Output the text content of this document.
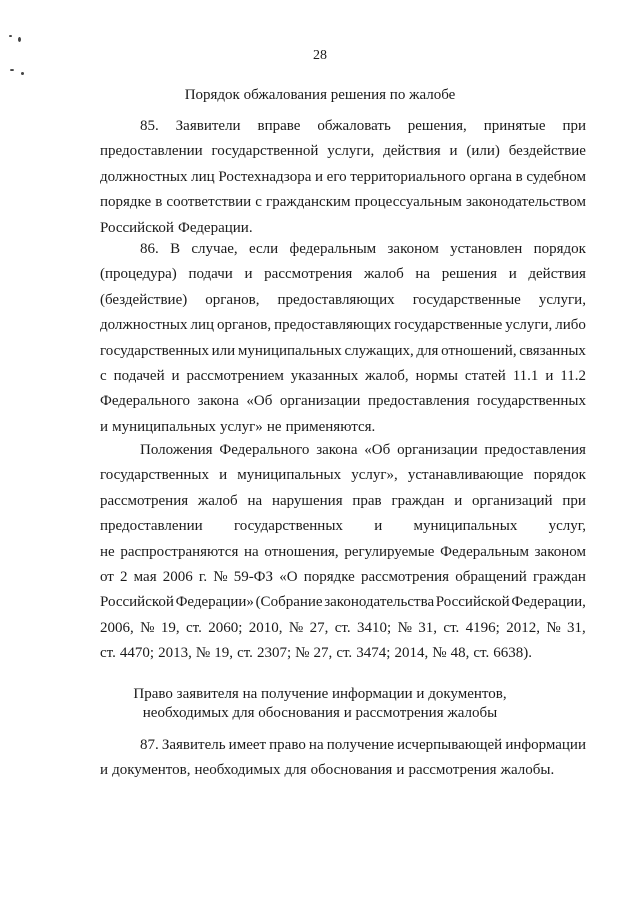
28
Порядок обжалования решения по жалобе
85. Заявители вправе обжаловать решения, принятые при
предоставлении государственной услуги, действия и (или) бездействие
должностных лиц Ростехнадзора и его территориального органа в судебном
порядке в соответствии с гражданским процессуальным законодательством
Российской Федерации.
86. В случае, если федеральным законом установлен порядок
(процедура) подачи и рассмотрения жалоб на решения и действия
(бездействие) органов, предоставляющих государственные услуги,
должностных лиц органов, предоставляющих государственные услуги, либо
государственных или муниципальных служащих, для отношений, связанных
с подачей и рассмотрением указанных жалоб, нормы статей 11.1 и 11.2
Федерального закона «Об организации предоставления государственных
и муниципальных услуг» не применяются.
Положения Федерального закона «Об организации предоставления
государственных и муниципальных услуг», устанавливающие порядок
рассмотрения жалоб на нарушения прав граждан и организаций при
предоставлении государственных и муниципальных услуг,
не распространяются на отношения, регулируемые Федеральным законом
от 2 мая 2006 г. № 59-ФЗ «О порядке рассмотрения обращений граждан
Российской Федерации» (Собрание законодательства Российской Федерации,
2006, № 19, ст. 2060; 2010, № 27, ст. 3410; № 31, ст. 4196; 2012, № 31,
ст. 4470; 2013, № 19, ст. 2307; № 27, ст. 3474; 2014, № 48, ст. 6638).
Право заявителя на получение информации и документов,
необходимых для обоснования и рассмотрения жалобы
87. Заявитель имеет право на получение исчерпывающей информации
и документов, необходимых для обоснования и рассмотрения жалобы.
